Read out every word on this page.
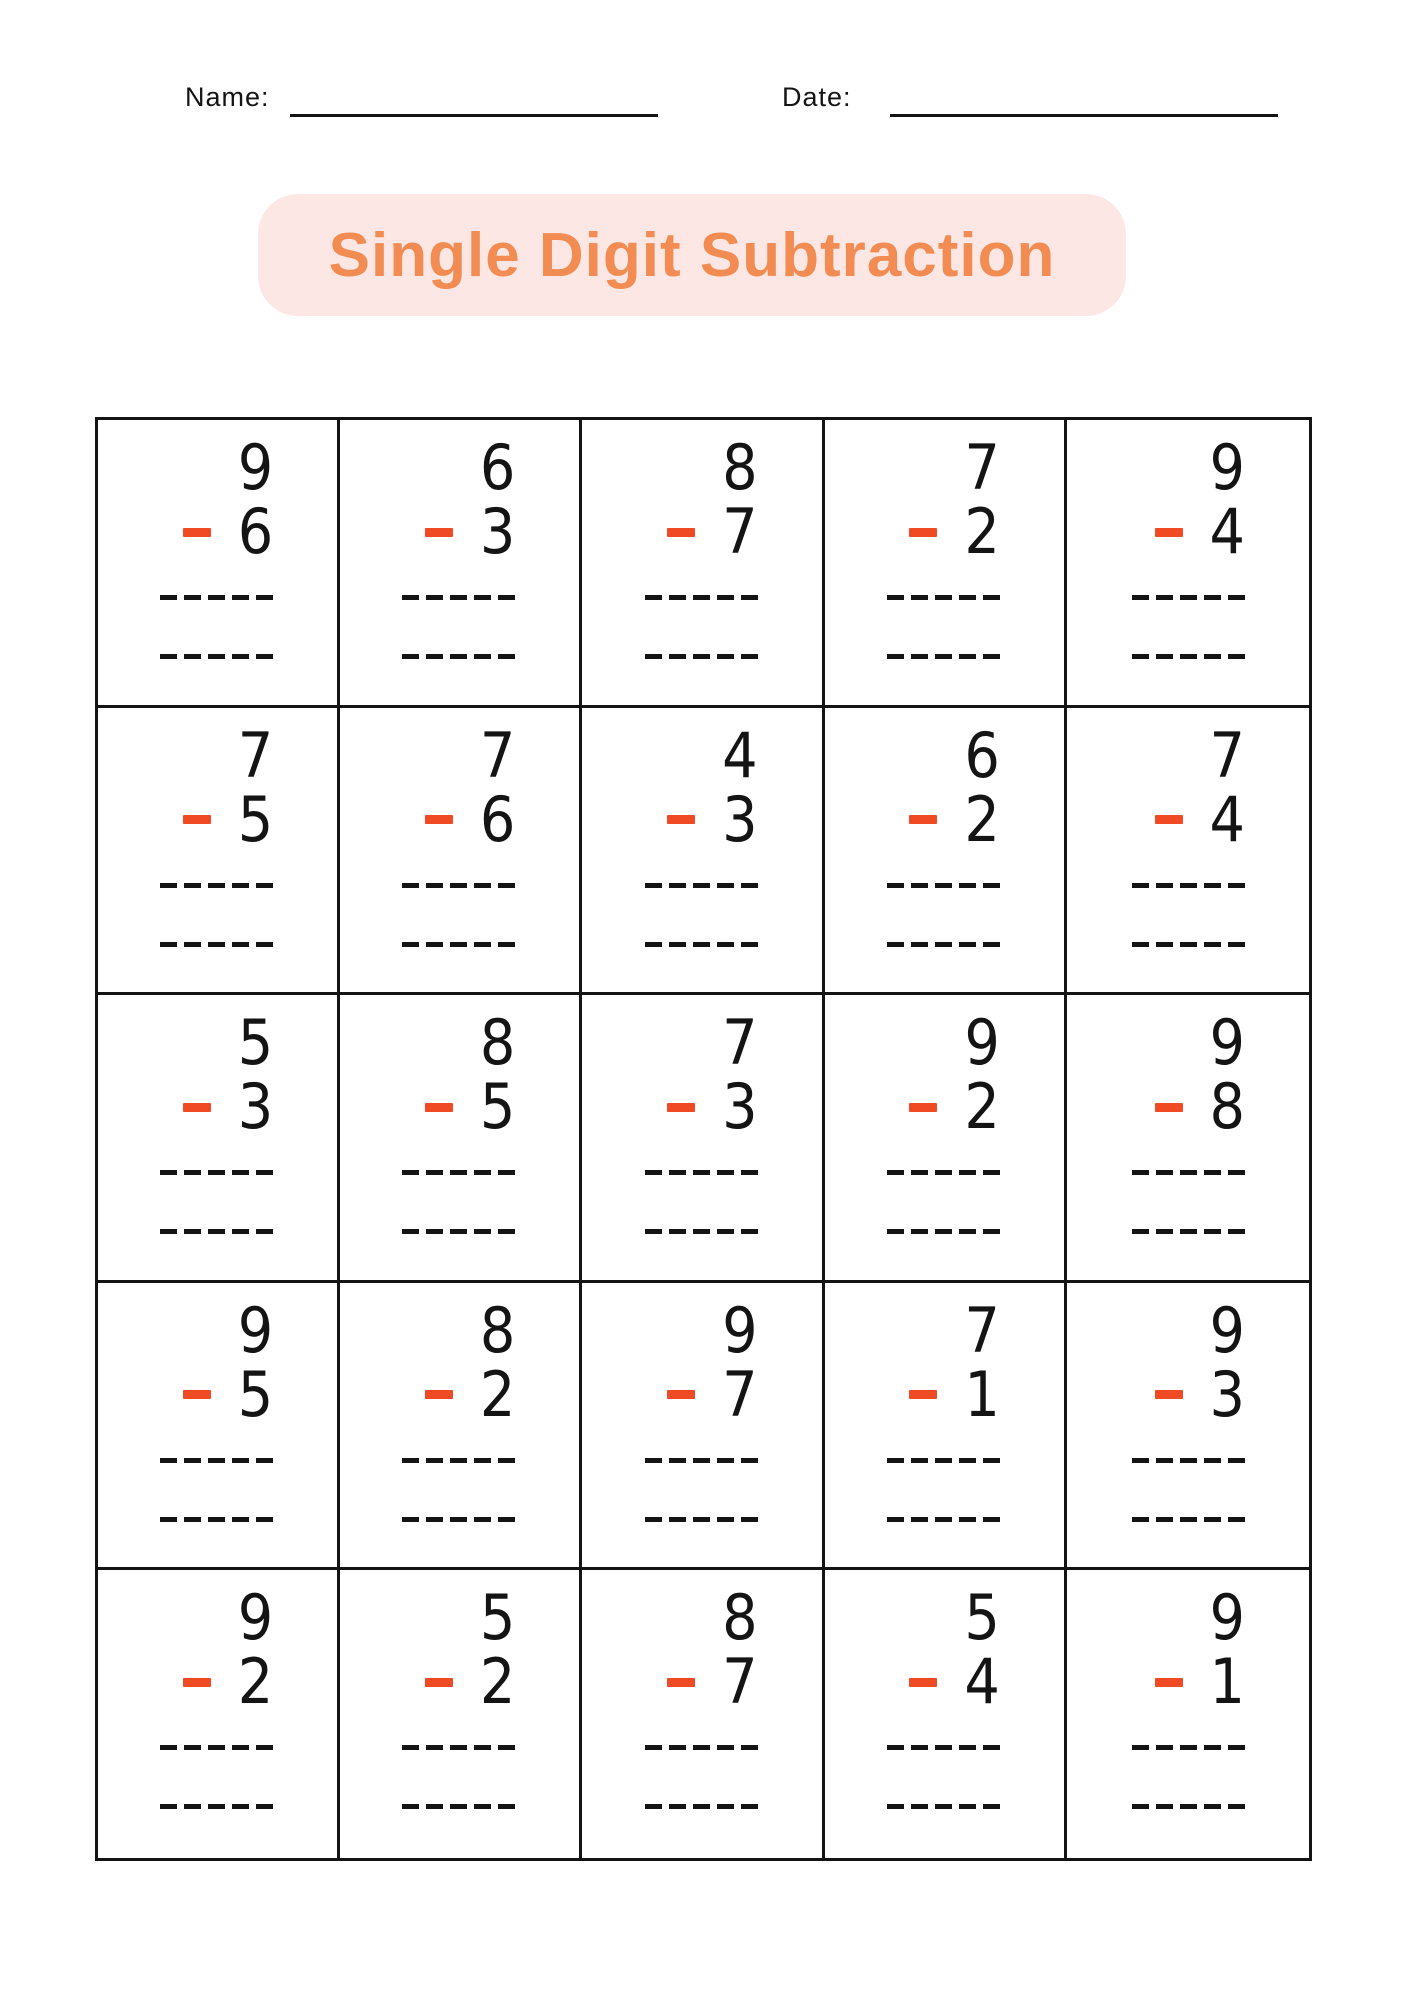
Name:	Date:
Single Digit Subtraction
9
6
6
3
8
7
7
2
9
4
7
5
7
6
4
3
6
2
7
4
5
3
8
5
7
3
9
2
9
8
9
5
8
2
9
7
7
1
9
3
9
2
5
2
8
7
5
4
9
1
